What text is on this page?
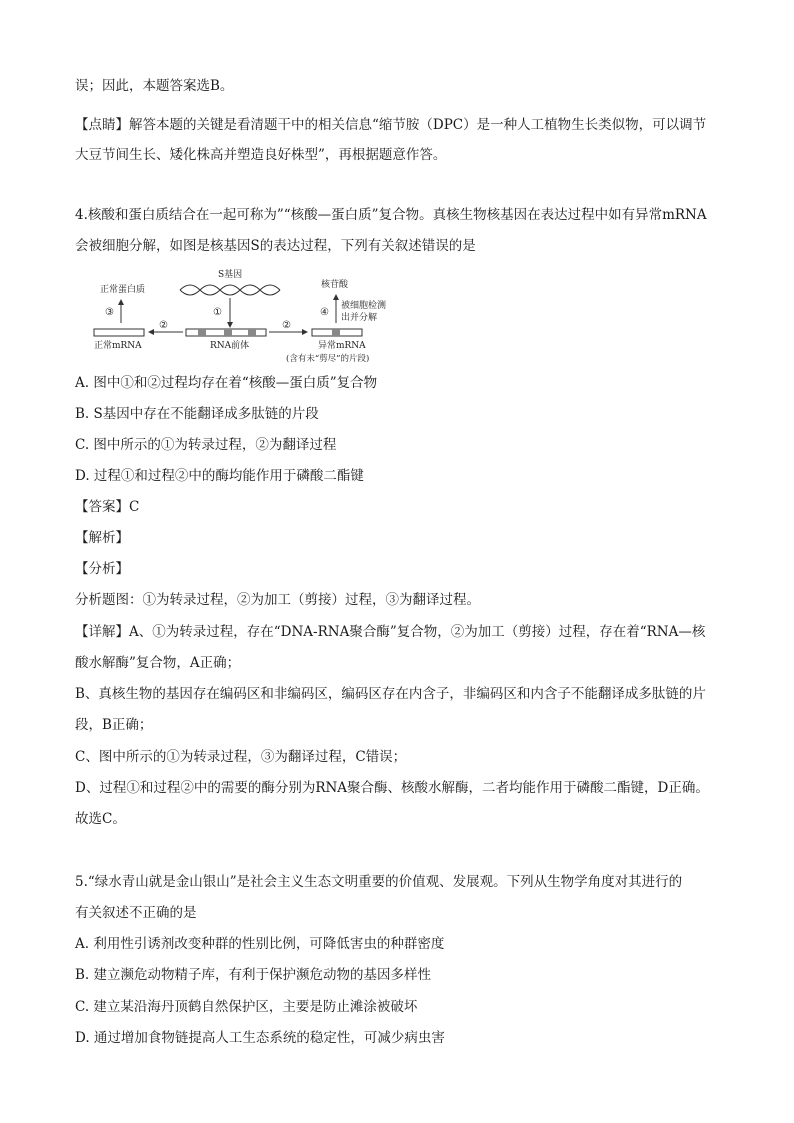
误；因此，本题答案选B。
【点睛】解答本题的关键是看清题干中的相关信息“缩节胺（DPC）是一种人工植物生长类似物，可以调节
大豆节间生长、矮化株高并塑造良好株型”，再根据题意作答。
4.核酸和蛋白质结合在一起可称为”“核酸—蛋白质”复合物。真核生物核基因在表达过程中如有异常mRNA
会被细胞分解，如图是核基因S的表达过程，下列有关叙述错误的是
S基因
①
RNA前体
②
正常mRNA
③
正常蛋白质
②
异常mRNA
(含有未“剪尽”的片段)
④
核苷酸
被细胞检测
出并分解
A. 图中①和②过程均存在着“核酸—蛋白质”复合物
B. S基因中存在不能翻译成多肽链的片段
C. 图中所示的①为转录过程，②为翻译过程
D. 过程①和过程②中的酶均能作用于磷酸二酯键
【答案】C
【解析】
【分析】
分析题图：①为转录过程，②为加工（剪接）过程，③为翻译过程。
【详解】A、①为转录过程，存在“DNA-RNA聚合酶”复合物，②为加工（剪接）过程，存在着“RNA—核
酸水解酶”复合物，A正确；
B、真核生物的基因存在编码区和非编码区，编码区存在内含子，非编码区和内含子不能翻译成多肽链的片
段，B正确；
C、图中所示的①为转录过程，③为翻译过程，C错误；
D、过程①和过程②中的需要的酶分别为RNA聚合酶、核酸水解酶，二者均能作用于磷酸二酯键，D正确。
故选C。
5.“绿水青山就是金山银山”是社会主义生态文明重要的价值观、发展观。下列从生物学角度对其进行的
有关叙述不正确的是
A. 利用性引诱剂改变种群的性别比例，可降低害虫的种群密度
B. 建立濒危动物精子库，有利于保护濒危动物的基因多样性
C. 建立某沿海丹顶鹤自然保护区，主要是防止滩涂被破坏
D. 通过增加食物链提高人工生态系统的稳定性，可减少病虫害
